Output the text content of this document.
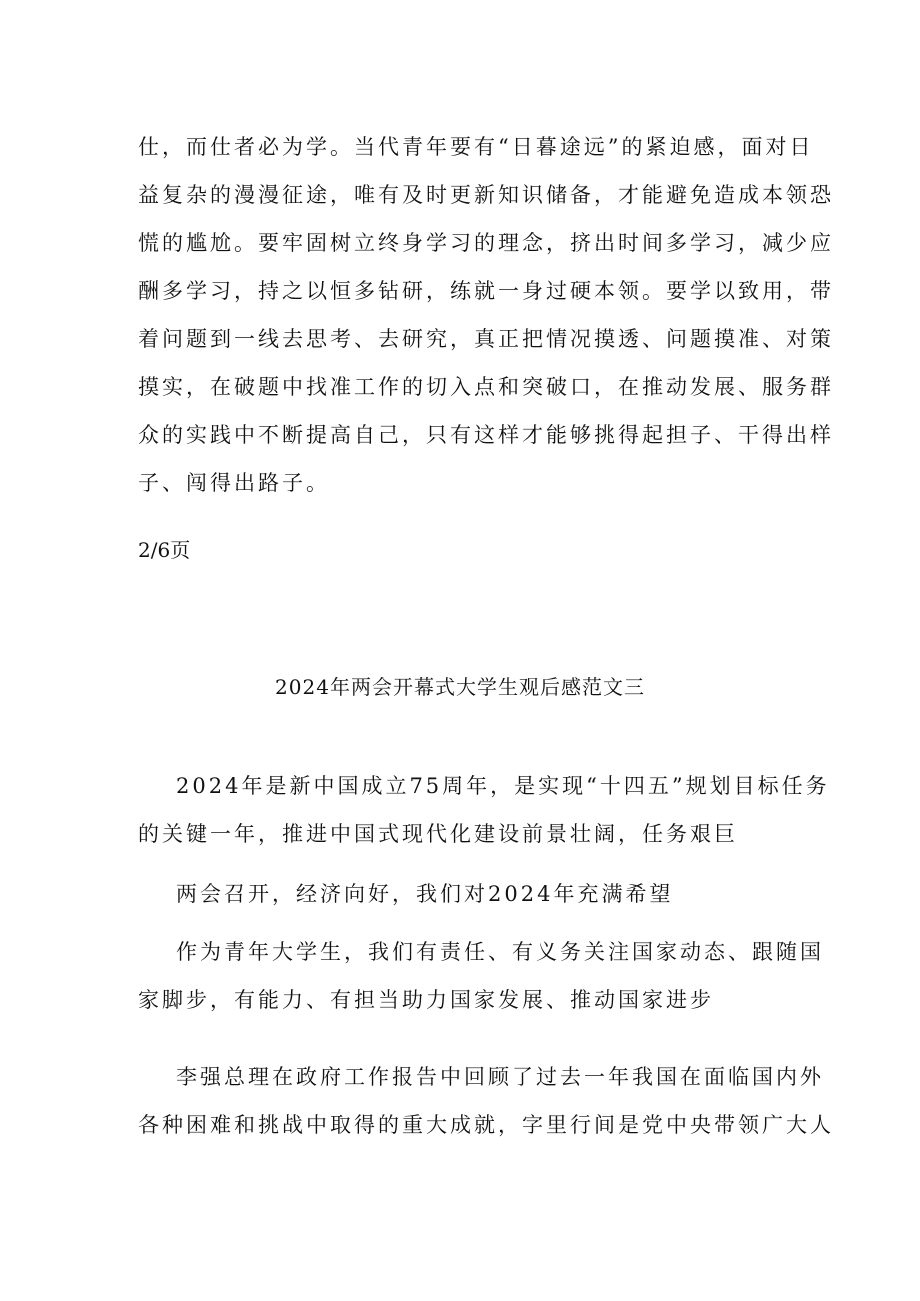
仕，而仕者必为学。当代青年要有“日暮途远”的紧迫感，面对日
益复杂的漫漫征途，唯有及时更新知识储备，才能避免造成本领恐
慌的尴尬。要牢固树立终身学习的理念，挤出时间多学习，减少应
酬多学习，持之以恒多钻研，练就一身过硬本领。要学以致用，带
着问题到一线去思考、去研究，真正把情况摸透、问题摸准、对策
摸实，在破题中找准工作的切入点和突破口，在推动发展、服务群
众的实践中不断提高自己，只有这样才能够挑得起担子、干得出样
子、闯得出路子。

2/6页
2024年两会开幕式大学生观后感范文三

2024年是新中国成立75周年，是实现“十四五”规划目标任务
的关键一年，推进中国式现代化建设前景壮阔，任务艰巨

两会召开，经济向好，我们对2024年充满希望

作为青年大学生，我们有责任、有义务关注国家动态、跟随国
家脚步，有能力、有担当助力国家发展、推动国家进步

李强总理在政府工作报告中回顾了过去一年我国在面临国内外
各种困难和挑战中取得的重大成就，字里行间是党中央带领广大人
